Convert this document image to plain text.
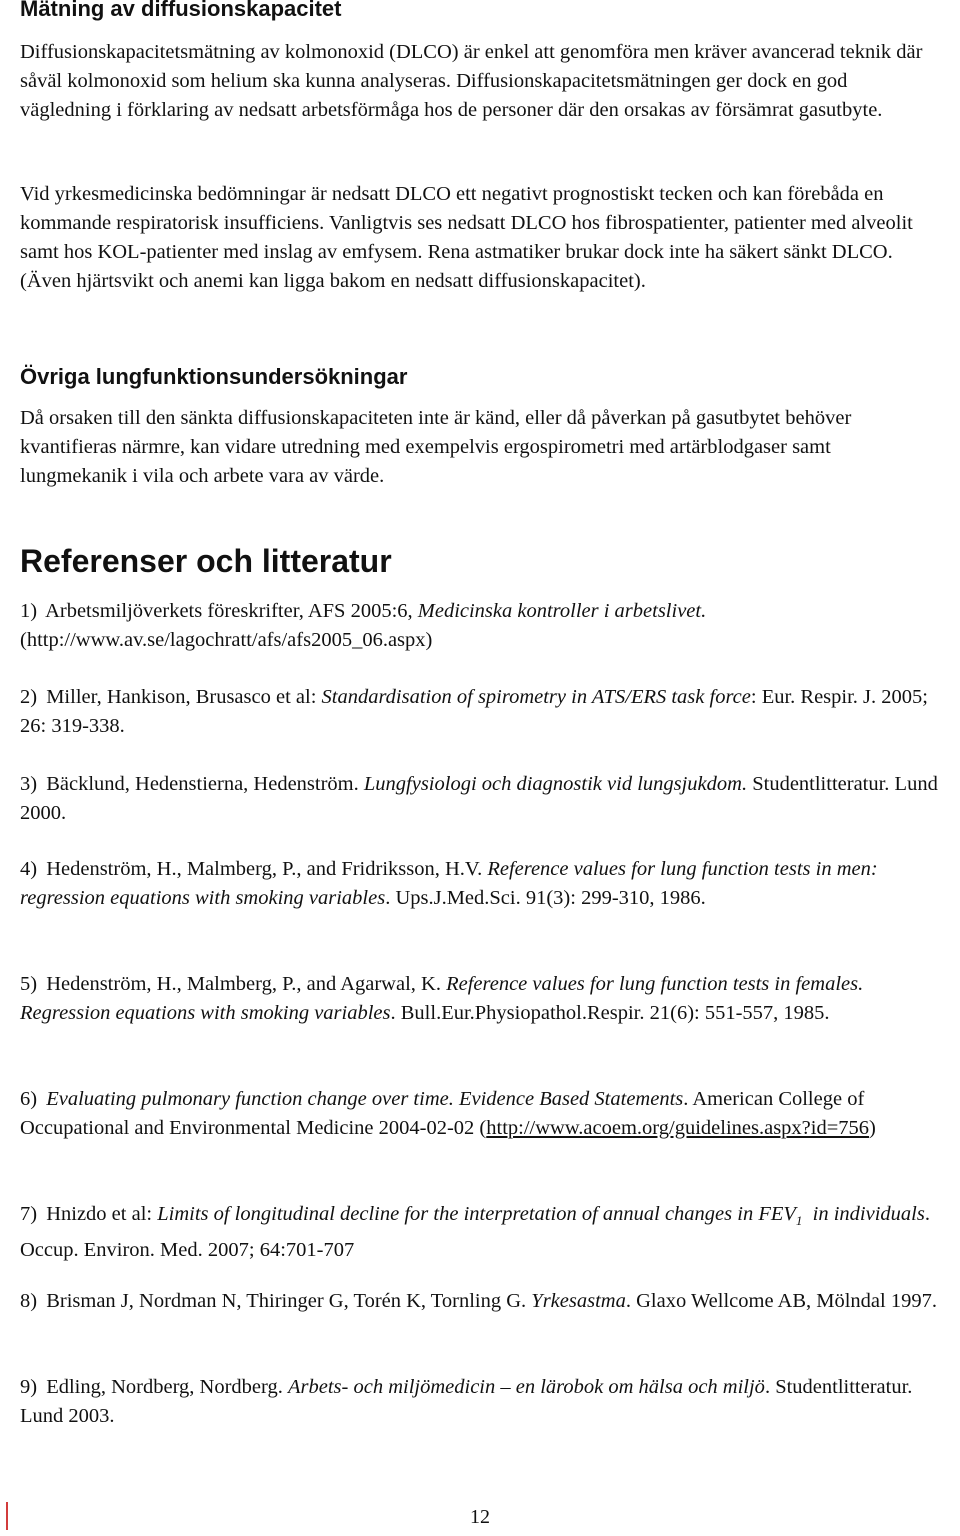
Mätning av diffusionskapacitet

Diffusionskapacitetsmätning av kolmonoxid (DLCO) är enkel att genomföra men kräver avancerad teknik där såväl kolmonoxid som helium ska kunna analyseras. Diffusionskapacitetsmätningen ger dock en god vägledning i förklaring av nedsatt arbetsförmåga hos de personer där den orsakas av försämrat gasutbyte.

Vid yrkesmedicinska bedömningar är nedsatt DLCO ett negativt prognostiskt tecken och kan förebåda en kommande respiratorisk insufficiens. Vanligtvis ses nedsatt DLCO hos fibrospatienter, patienter med alveolit samt hos KOL-patienter med inslag av emfysem. Rena astmatiker brukar dock inte ha säkert sänkt DLCO. (Även hjärtsvikt och anemi kan ligga bakom en nedsatt diffusionskapacitet).

Övriga lungfunktionsundersökningar

Då orsaken till den sänkta diffusionskapaciteten inte är känd, eller då påverkan på gasutbytet behöver kvantifieras närmre, kan vidare utredning med exempelvis ergospirometri med artärblodgaser samt lungmekanik i vila och arbete vara av värde.

Referenser och litteratur

1) Arbetsmiljöverkets föreskrifter, AFS 2005:6, Medicinska kontroller i arbetslivet. (http://www.av.se/lagochratt/afs/afs2005_06.aspx)

2) Miller, Hankison, Brusasco et al: Standardisation of spirometry in ATS/ERS task force: Eur. Respir. J. 2005; 26: 319-338.

3) Bäcklund, Hedenstierna, Hedenström. Lungfysiologi och diagnostik vid lungsjukdom. Studentlitteratur. Lund 2000.

4) Hedenström, H., Malmberg, P., and Fridriksson, H.V. Reference values for lung function tests in men: regression equations with smoking variables. Ups.J.Med.Sci. 91(3): 299-310, 1986.

5) Hedenström, H., Malmberg, P., and Agarwal, K. Reference values for lung function tests in females. Regression equations with smoking variables. Bull.Eur.Physiopathol.Respir. 21(6): 551-557, 1985.

6) Evaluating pulmonary function change over time. Evidence Based Statements. American College of Occupational and Environmental Medicine 2004-02-02 (http://www.acoem.org/guidelines.aspx?id=756)

7) Hnizdo et al: Limits of longitudinal decline for the interpretation of annual changes in $FEV_1$  in individuals. Occup. Environ. Med. 2007; 64:701-707

8) Brisman J, Nordman N, Thiringer G, Torén K, Tornling G. Yrkesastma. Glaxo Wellcome AB, Mölndal 1997.

9) Edling, Nordberg, Nordberg. Arbets- och miljömedicin – en lärobok om hälsa och miljö. Studentlitteratur. Lund 2003.

12
